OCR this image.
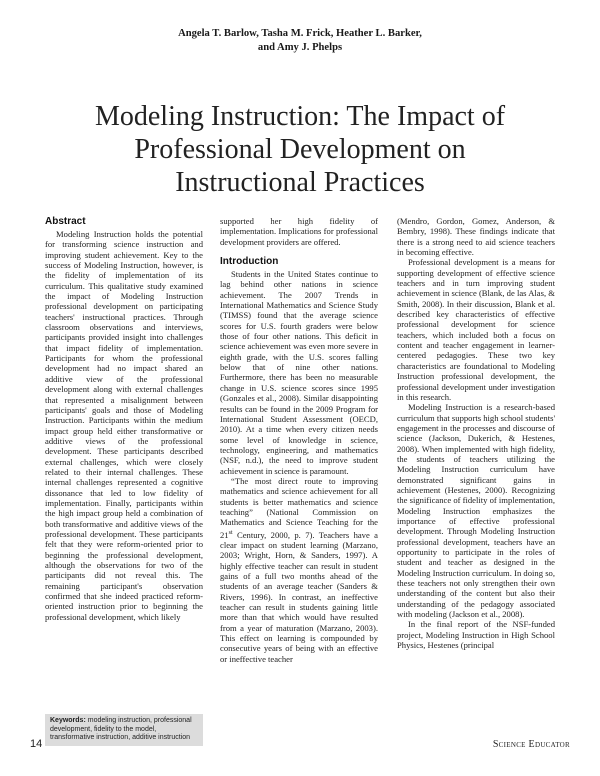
Angela T. Barlow, Tasha M. Frick, Heather L. Barker,
and Amy J. Phelps
Modeling Instruction: The Impact of
Professional Development on
Instructional Practices
Abstract

Modeling Instruction holds the potential for transforming science instruction and improving student achievement. Key to the success of Modeling Instruction, however, is the fidelity of implementation of its curriculum. This qualitative study examined the impact of Modeling Instruction professional development on participating teachers' instructional practices. Through classroom observations and interviews, participants provided insight into challenges that impact fidelity of implementation. Participants for whom the professional development had no impact shared an additive view of the professional development along with external challenges that represented a misalignment between participants' goals and those of Modeling Instruction. Participants within the medium impact group held either transformative or additive views of the professional development. These participants described external challenges, which were closely related to their internal challenges. These internal challenges represented a cognitive dissonance that led to low fidelity of implementation. Finally, participants within the high impact group held a combination of both transformative and additive views of the professional development. These participants felt that they were reform-oriented prior to beginning the professional development, although the observations for two of the participants did not reveal this. The remaining participant's observation confirmed that she indeed practiced reform-oriented instruction prior to beginning the professional development, which likely

supported her high fidelity of implementation. Implications for professional development providers are offered.

Introduction

Students in the United States continue to lag behind other nations in science achievement. The 2007 Trends in International Mathematics and Science Study (TIMSS) found that the average science scores for U.S. fourth graders were below those of four other nations. This deficit in science achievement was even more severe in eighth grade, with the U.S. scores falling below that of nine other nations. Furthermore, there has been no measurable change in U.S. science scores since 1995 (Gonzales et al., 2008). Similar disappointing results can be found in the 2009 Program for International Student Assessment (OECD, 2010). At a time when every citizen needs some level of knowledge in science, technology, engineering, and mathematics (NSF, n.d.), the need to improve student achievement in science is paramount.

“The most direct route to improving mathematics and science achievement for all students is better mathematics and science teaching” (National Commission on Mathematics and Science Teaching for the 21st Century, 2000, p. 7). Teachers have a clear impact on student learning (Marzano, 2003; Wright, Horn, & Sanders, 1997). A highly effective teacher can result in student gains of a full two months ahead of the students of an average teacher (Sanders & Rivers, 1996). In contrast, an ineffective teacher can result in students gaining little more than that which would have resulted from a year of maturation (Marzano, 2003). This effect on learning is compounded by consecutive years of being with an effective or ineffective teacher

(Mendro, Gordon, Gomez, Anderson, & Bembry, 1998). These findings indicate that there is a strong need to aid science teachers in becoming effective.

Professional development is a means for supporting development of effective science teachers and in turn improving student achievement in science (Blank, de las Alas, & Smith, 2008). In their discussion, Blank et al. described key characteristics of effective professional development for science teachers, which included both a focus on content and teacher engagement in learner-centered pedagogies. These two key characteristics are foundational to Modeling Instruction professional development, the professional development under investigation in this research.

Modeling Instruction is a research-based curriculum that supports high school students' engagement in the processes and discourse of science (Jackson, Dukerich, & Hestenes, 2008). When implemented with high fidelity, the students of teachers utilizing the Modeling Instruction curriculum have demonstrated significant gains in achievement (Hestenes, 2000). Recognizing the significance of fidelity of implementation, Modeling Instruction emphasizes the importance of effective professional development. Through Modeling Instruction professional development, teachers have an opportunity to participate in the roles of student and teacher as designed in the Modeling Instruction curriculum. In doing so, these teachers not only strengthen their own understanding of the content but also their understanding of the pedagogy associated with modeling (Jackson et al., 2008).

In the final report of the NSF-funded project, Modeling Instruction in High School Physics, Hestenes (principal

Keywords: modeling instruction, professional development, fidelity to the model, transformative instruction, additive instruction
14	Science Educator
